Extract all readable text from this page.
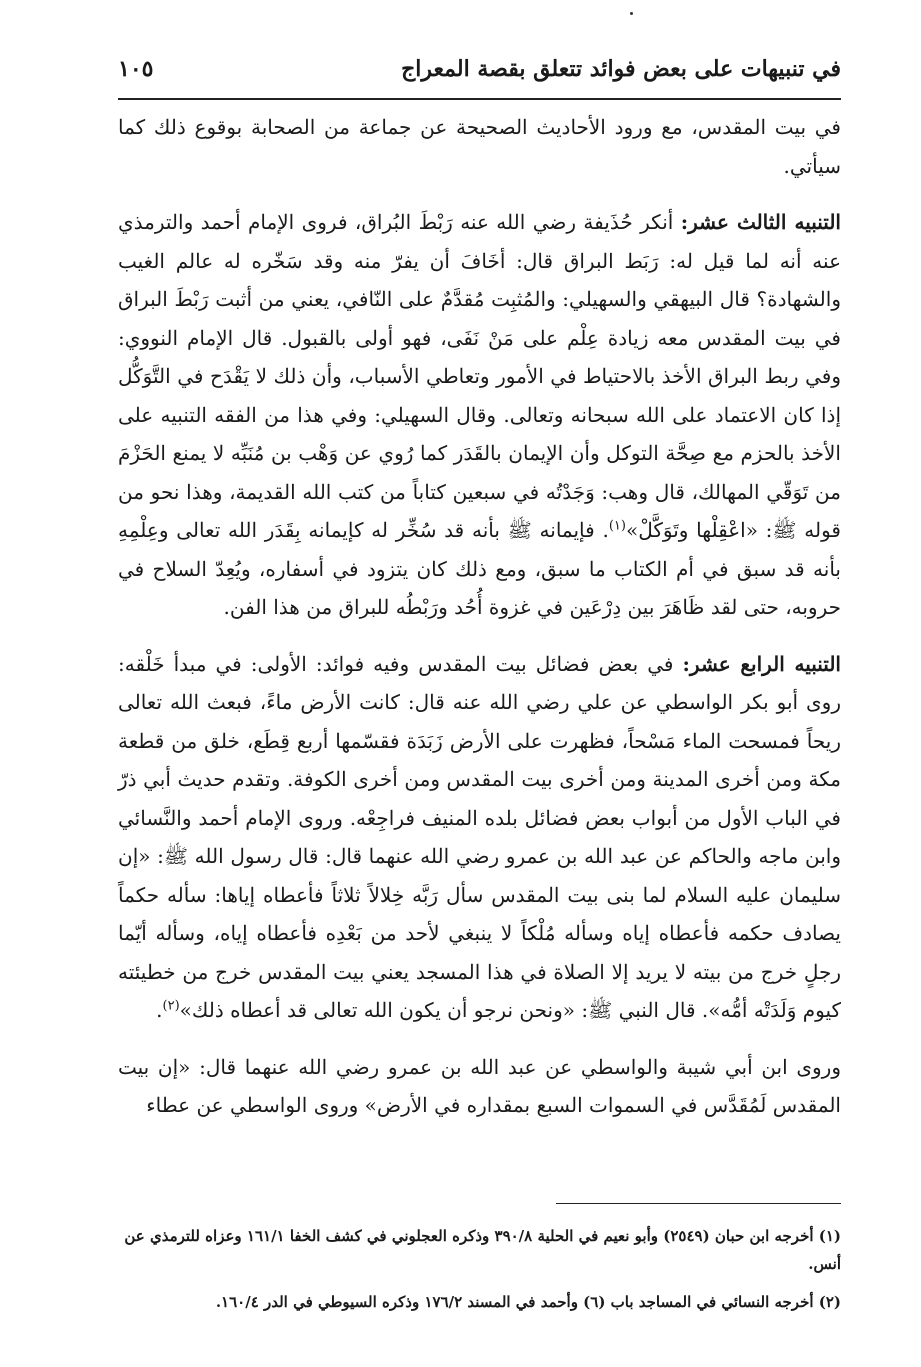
في تنبيهات على بعض فوائد تتعلق بقصة المعراج
١٠٥

في بيت المقدس، مع ورود الأحاديث الصحيحة عن جماعة من الصحابة بوقوع ذلك كما سيأتي.

التنبيه الثالث عشر: أنكر حُذَيفة رضي الله عنه رَبْطَ البُراق، فروى الإمام أحمد والترمذي عنه أنه لما قيل له: رَبَط البراق قال: أخَافَ أن يفرّ منه وقد سَخّره له عالم الغيب والشهادة؟ قال البيهقي والسهيلي: والمُثبِت مُقدَّمٌ على النّافي، يعني من أثبت رَبْطَ البراق في بيت المقدس معه زيادة عِلْم على مَنْ نَفَى، فهو أولى بالقبول. قال الإمام النووي: وفي ربط البراق الأخذ بالاحتياط في الأمور وتعاطي الأسباب، وأن ذلك لا يَقْدَح في التَّوَكُّل إذا كان الاعتماد على الله سبحانه وتعالى. وقال السهيلي: وفي هذا من الفقه التنبيه على الأخذ بالحزم مع صِحَّة التوكل وأن الإيمان بالقَدَر كما رُوي عن وَهْب بن مُنَبِّه لا يمنع الحَزْمَ من تَوَقّي المهالك، قال وهب: وَجَدْتُه في سبعين كتاباً من كتب الله القديمة، وهذا نحو من قوله ﷺ: «اعْقِلْها وتَوَكَّلْ»$^{(١)}$. فإيمانه ﷺ بأنه قد سُخِّر له كإيمانه بِقَدَر الله تعالى وعِلْمِهِ بأنه قد سبق في أم الكتاب ما سبق، ومع ذلك كان يتزود في أسفاره، ويُعِدّ السلاح في حروبه، حتى لقد ظَاهَرَ بين دِرْعَين في غزوة أُحُد ورَبْطُه للبراق من هذا الفن.

التنبيه الرابع عشر: في بعض فضائل بيت المقدس وفيه فوائد: الأولى: في مبدأ خَلْقه: روى أبو بكر الواسطي عن علي رضي الله عنه قال: كانت الأرض ماءً، فبعث الله تعالى ريحاً فمسحت الماء مَسْحاً، فظهرت على الأرض زَبَدَة فقسّمها أربع قِطَع، خلق من قطعة مكة ومن أخرى المدينة ومن أخرى بيت المقدس ومن أخرى الكوفة. وتقدم حديث أبي ذرّ في الباب الأول من أبواب بعض فضائل بلده المنيف فراجِعْه. وروى الإمام أحمد والنَّسائي وابن ماجه والحاكم عن عبد الله بن عمرو رضي الله عنهما قال: قال رسول الله ﷺ: «إن سليمان عليه السلام لما بنى بيت المقدس سأل رَبَّه خِلالاً ثلاثاً فأعطاه إياها: سأله حكماً يصادف حكمه فأعطاه إياه وسأله مُلْكاً لا ينبغي لأحد من بَعْدِه فأعطاه إياه، وسأله أيّما رجلٍ خرج من بيته لا يريد إلا الصلاة في هذا المسجد يعني بيت المقدس خرج من خطيئته كيوم وَلَدَتْه أمُّه». قال النبي ﷺ: «ونحن نرجو أن يكون الله تعالى قد أعطاه ذلك»$^{(٢)}$.

وروى ابن أبي شيبة والواسطي عن عبد الله بن عمرو رضي الله عنهما قال: «إن بيت المقدس لَمُقَدَّس في السموات السبع بمقداره في الأرض» وروى الواسطي عن عطاء

(١) أخرجه ابن حبان (٢٥٤٩) وأبو نعيم في الحلية ٣٩٠/٨ وذكره العجلوني في كشف الخفا ١٦١/١ وعزاه للترمذي عن أنس.

(٢) أخرجه النسائي في المساجد باب (٦) وأحمد في المسند ١٧٦/٢ وذكره السيوطي في الدر ١٦٠/٤.
